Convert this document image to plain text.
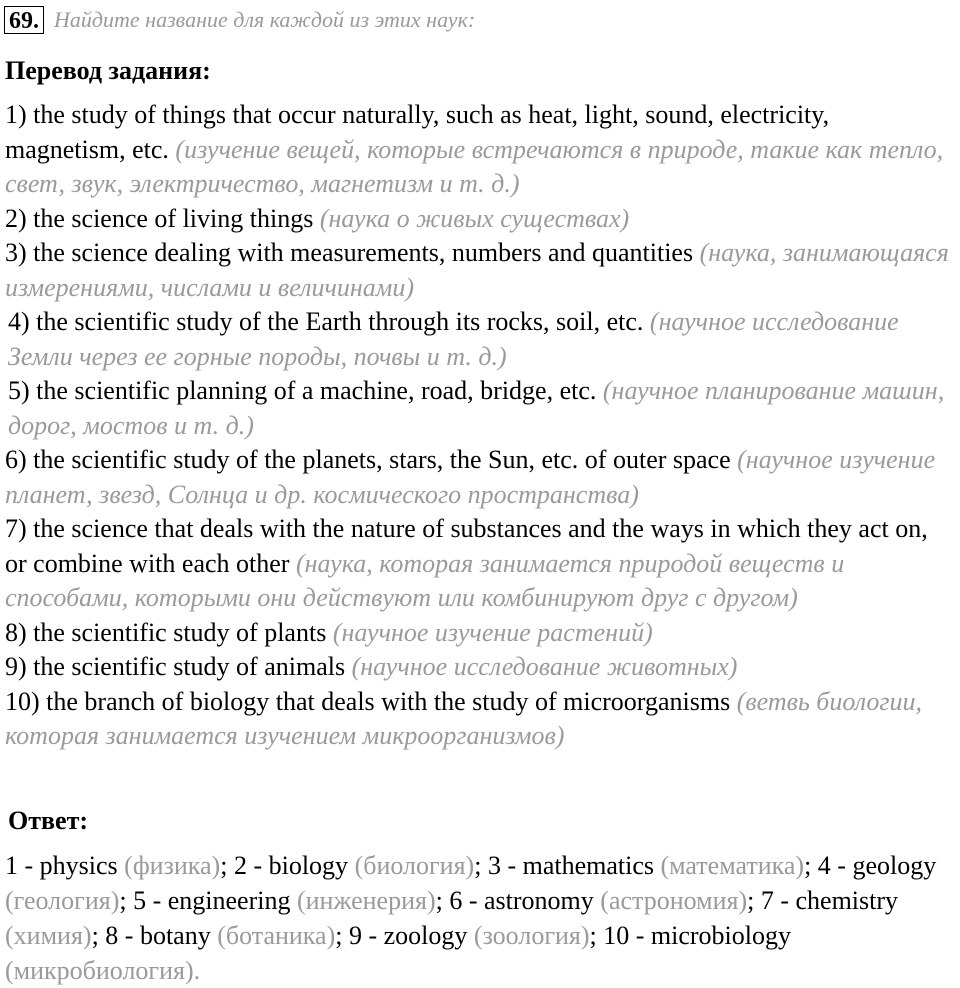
69. Найдите название для каждой из этих наук:
Перевод задания:

1) the study of things that occur naturally, such as heat, light, sound, electricity, magnetism, etc. (изучение вещей, которые встречаются в природе, такие как тепло, свет, звук, электричество, магнетизм и т. д.)

2) the science of living things (наука о живых существах)

3) the science dealing with measurements, numbers and quantities (наука, занимающаяся измерениями, числами и величинами)

4) the scientific study of the Earth through its rocks, soil, etc. (научное исследование Земли через ее горные породы, почвы и т. д.)

5) the scientific planning of a machine, road, bridge, etc. (научное планирование машин, дорог, мостов и т. д.)

6) the scientific study of the planets, stars, the Sun, etc. of outer space (научное изучение планет, звезд, Солнца и др. космического пространства)

7) the science that deals with the nature of substances and the ways in which they act on, or combine with each other (наука, которая занимается природой веществ и способами, которыми они действуют или комбинируют друг с другом)

8) the scientific study of plants (научное изучение растений)

9) the scientific study of animals (научное исследование животных)

10) the branch of biology that deals with the study of microorganisms (ветвь биологии, которая занимается изучением микроорганизмов)

Ответ:
1 - physics (физика); 2 - biology (биология); 3 - mathematics (математика); 4 - geology (геология); 5 - engineering (инженерия); 6 - astronomy (астрономия); 7 - chemistry (химия); 8 - botany (ботаника); 9 - zoology (зоология); 10 - microbiology (микробиология).
